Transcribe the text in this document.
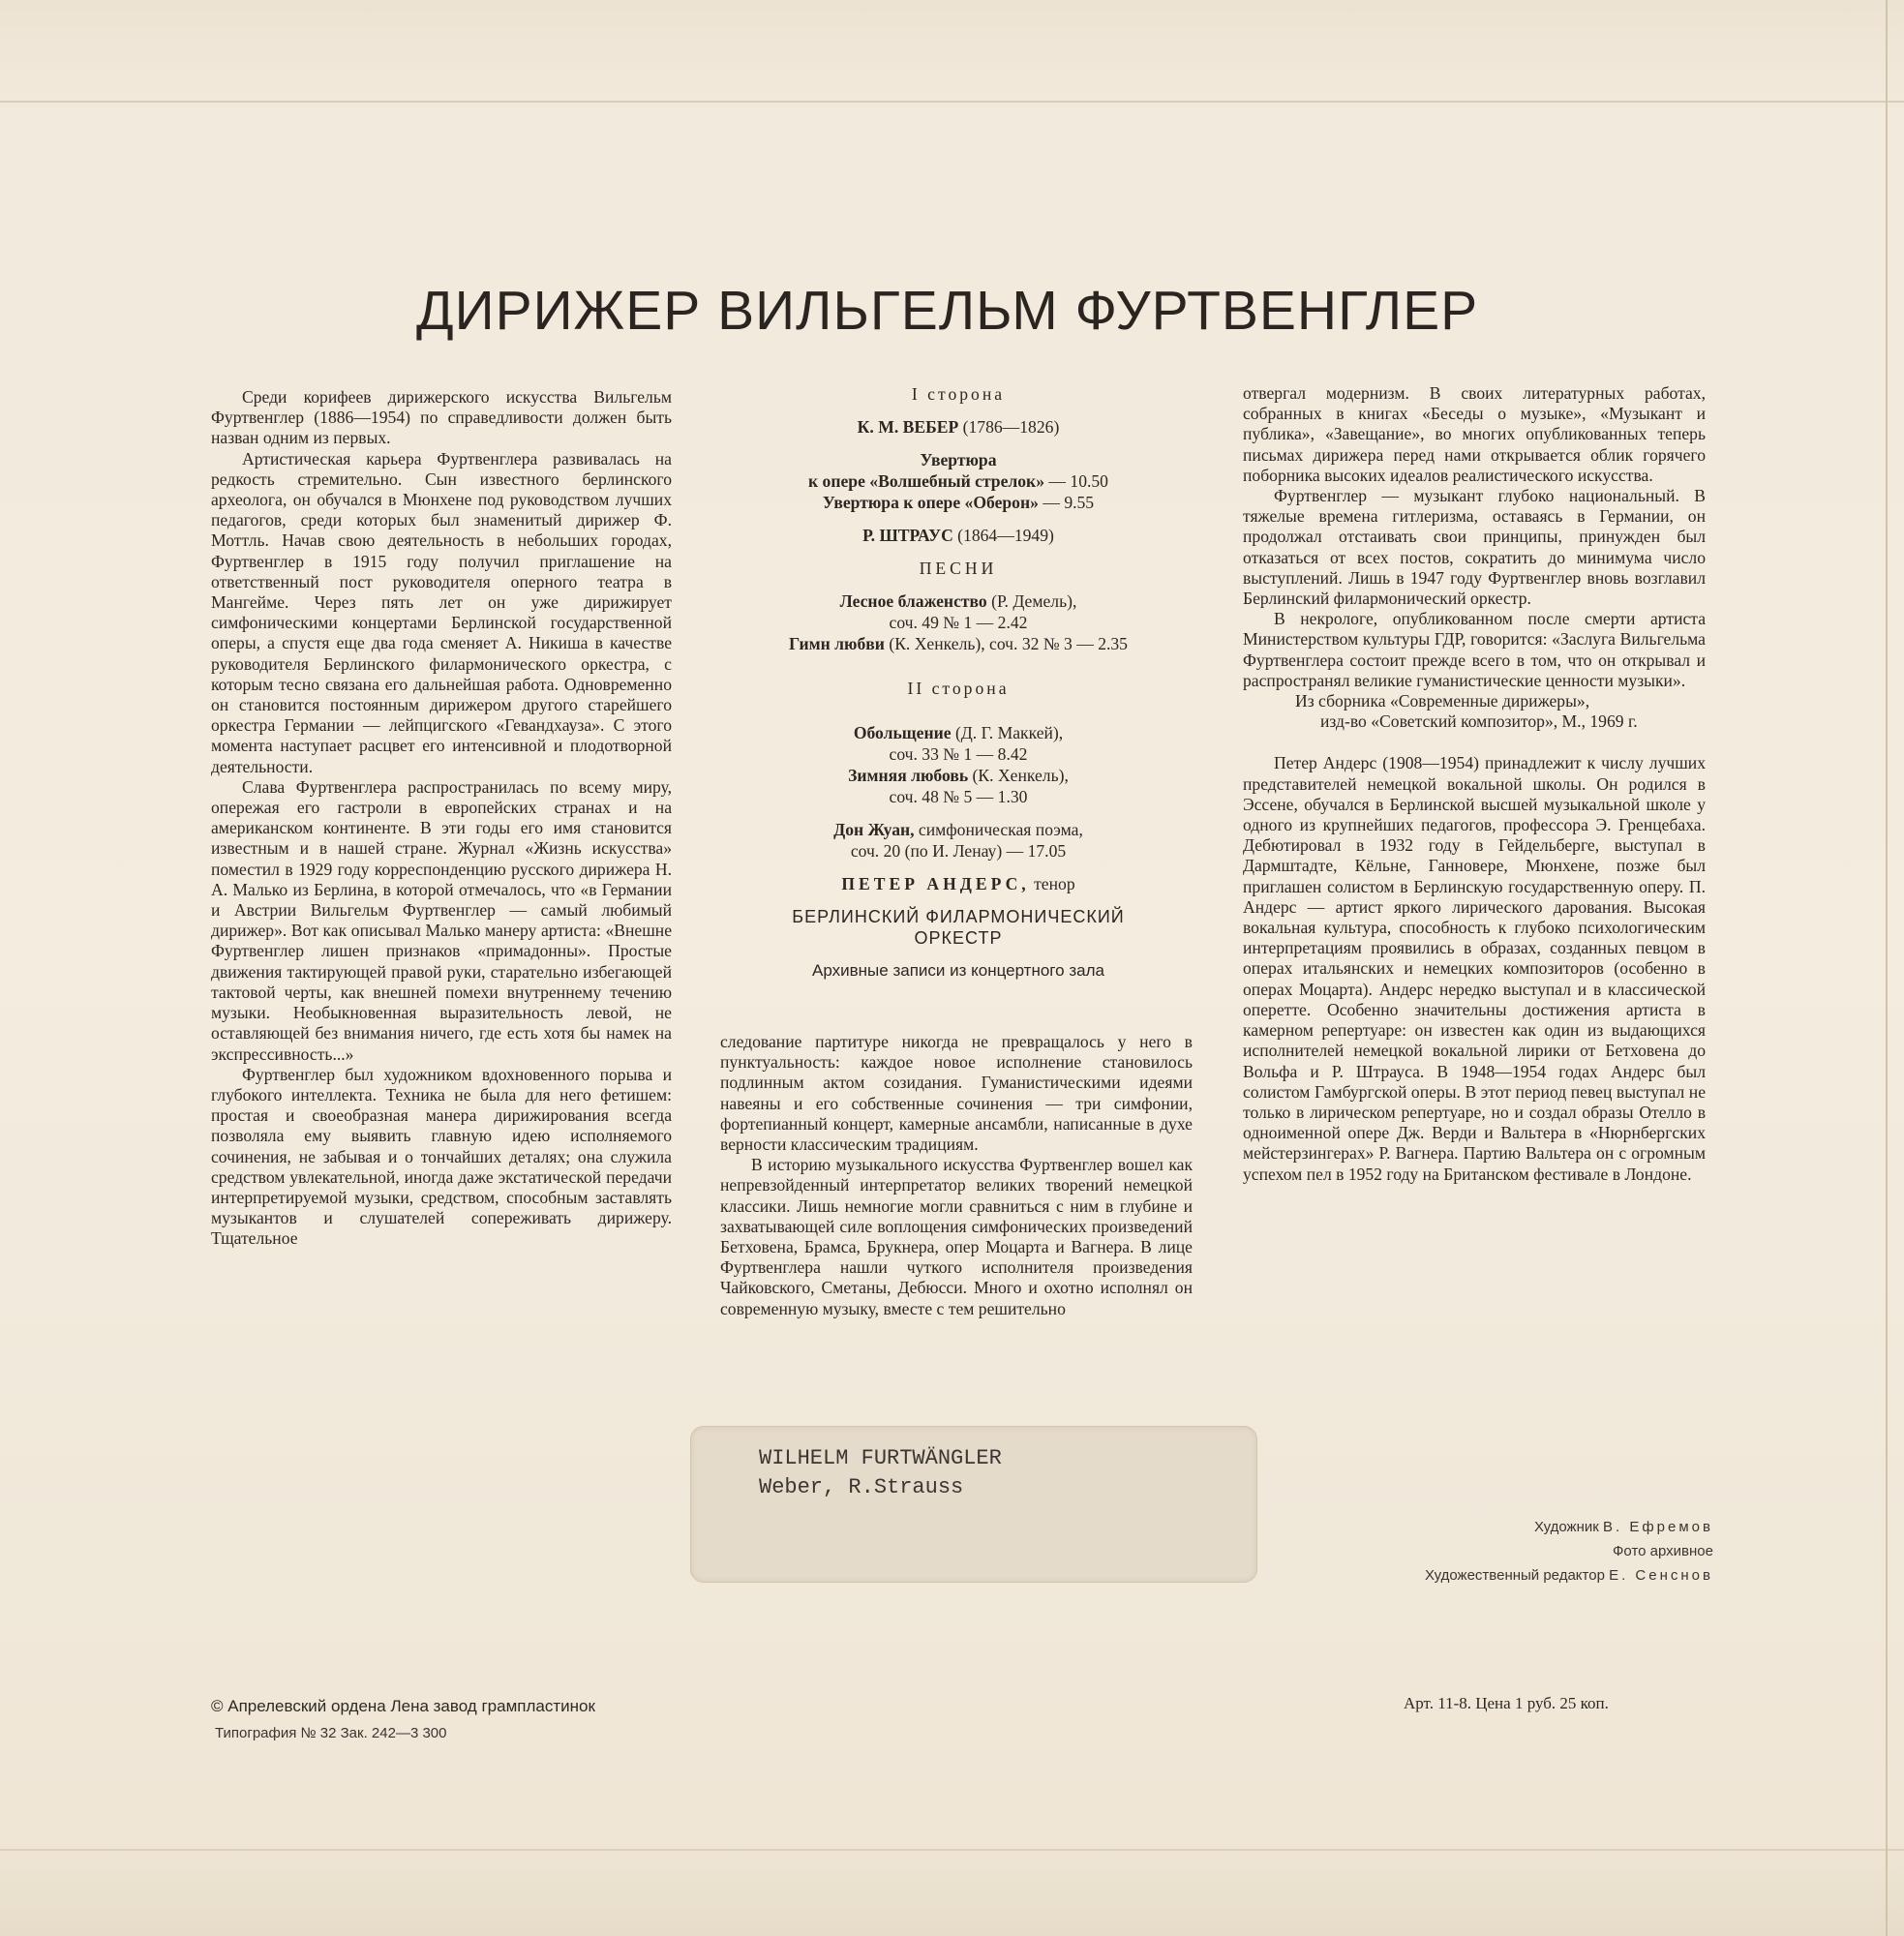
ДИРИЖЕР ВИЛЬГЕЛЬМ ФУРТВЕНГЛЕР

Среди корифеев дирижерского искусства Вильгельм Фуртвенглер (1886—1954) по справедливости должен быть назван одним из первых.

Артистическая карьера Фуртвенглера развивалась на редкость стремительно. Сын известного берлинского археолога, он обучался в Мюнхене под руководством лучших педагогов, среди которых был знаменитый дирижер Ф. Моттль. Начав свою деятельность в небольших городах, Фуртвенглер в 1915 году получил приглашение на ответственный пост руководителя оперного театра в Мангейме. Через пять лет он уже дирижирует симфоническими концертами Берлинской государственной оперы, а спустя еще два года сменяет А. Никиша в качестве руководителя Берлинского филармонического оркестра, с которым тесно связана его дальнейшая работа. Одновременно он становится постоянным дирижером другого старейшего оркестра Германии — лейпцигского «Гевандхауза». С этого момента наступает расцвет его интенсивной и плодотворной деятельности.

Слава Фуртвенглера распространилась по всему миру, опережая его гастроли в европейских странах и на американском континенте. В эти годы его имя становится известным и в нашей стране. Журнал «Жизнь искусства» поместил в 1929 году корреспонденцию русского дирижера Н. А. Малько из Берлина, в которой отмечалось, что «в Германии и Австрии Вильгельм Фуртвенглер — самый любимый дирижер». Вот как описывал Малько манеру артиста: «Внешне Фуртвенглер лишен признаков «примадонны». Простые движения тактирующей правой руки, старательно избегающей тактовой черты, как внешней помехи внутреннему течению музыки. Необыкновенная выразительность левой, не оставляющей без внимания ничего, где есть хотя бы намек на экспрессивность...»

Фуртвенглер был художником вдохновенного порыва и глубокого интеллекта. Техника не была для него фетишем: простая и своеобразная манера дирижирования всегда позволяла ему выявить главную идею исполняемого сочинения, не забывая и о тончайших деталях; она служила средством увлекательной, иногда даже экстатической передачи интерпретируемой музыки, средством, способным заставлять музыкантов и слушателей сопереживать дирижеру. Тщательное

I сторона
К. М. ВЕБЕР (1786—1826)
Увертюра
к опере «Волшебный стрелок» — 10.50
Увертюра к опере «Оберон» — 9.55
Р. ШТРАУС (1864—1949)
ПЕСНИ
Лесное блаженство (Р. Демель),
соч. 49 № 1 — 2.42
Гимн любви (К. Хенкель), соч. 32 № 3 — 2.35
II сторона
Обольщение (Д. Г. Маккей),
соч. 33 № 1 — 8.42
Зимняя любовь (К. Хенкель),
соч. 48 № 5 — 1.30
Дон Жуан, симфоническая поэма,
соч. 20 (по И. Ленау) — 17.05
ПЕТЕР АНДЕРС, тенор
БЕРЛИНСКИЙ ФИЛАРМОНИЧЕСКИЙ
ОРКЕСТР
Архивные записи из концертного зала

следование партитуре никогда не превращалось у него в пунктуальность: каждое новое исполнение становилось подлинным актом созидания. Гуманистическими идеями навеяны и его собственные сочинения — три симфонии, фортепианный концерт, камерные ансамбли, написанные в духе верности классическим традициям.

В историю музыкального искусства Фуртвенглер вошел как непревзойденный интерпретатор великих творений немецкой классики. Лишь немногие могли сравниться с ним в глубине и захватывающей силе воплощения симфонических произведений Бетховена, Брамса, Брукнера, опер Моцарта и Вагнера. В лице Фуртвенглера нашли чуткого исполнителя произведения Чайковского, Сметаны, Дебюсси. Много и охотно исполнял он современную музыку, вместе с тем решительно

отвергал модернизм. В своих литературных работах, собранных в книгах «Беседы о музыке», «Музыкант и публика», «Завещание», во многих опубликованных теперь письмах дирижера перед нами открывается облик горячего поборника высоких идеалов реалистического искусства.

Фуртвенглер — музыкант глубоко национальный. В тяжелые времена гитлеризма, оставаясь в Германии, он продолжал отстаивать свои принципы, принужден был отказаться от всех постов, сократить до минимума число выступлений. Лишь в 1947 году Фуртвенглер вновь возглавил Берлинский филармонический оркестр.

В некрологе, опубликованном после смерти артиста Министерством культуры ГДР, говорится: «Заслуга Вильгельма Фуртвенглера состоит прежде всего в том, что он открывал и распространял великие гуманистические ценности музыки».

Из сборника «Современные дирижеры»,

изд-во «Советский композитор», М., 1969 г.

Петер Андерс (1908—1954) принадлежит к числу лучших представителей немецкой вокальной школы. Он родился в Эссене, обучался в Берлинской высшей музыкальной школе у одного из крупнейших педагогов, профессора Э. Гренцебаха. Дебютировал в 1932 году в Гейдельберге, выступал в Дармштадте, Кёльне, Ганновере, Мюнхене, позже был приглашен солистом в Берлинскую государственную оперу. П. Андерс — артист яркого лирического дарования. Высокая вокальная культура, способность к глубоко психологическим интерпретациям проявились в образах, созданных певцом в операх итальянских и немецких композиторов (особенно в операх Моцарта). Андерс нередко выступал и в классической оперетте. Особенно значительны достижения артиста в камерном репертуаре: он известен как один из выдающихся исполнителей немецкой вокальной лирики от Бетховена до Вольфа и Р. Штрауса. В 1948—1954 годах Андерс был солистом Гамбургской оперы. В этот период певец выступал не только в лирическом репертуаре, но и создал образы Отелло в одноименной опере Дж. Верди и Вальтера в «Нюрнбергских мейстерзингерах» Р. Вагнера. Партию Вальтера он с огромным успехом пел в 1952 году на Британском фестивале в Лондоне.

WILHELM FURTWÄNGLER
Weber, R.Strauss
Художник В. Ефремов
Фото архивное
Художественный редактор Е. Сенснов
© Апрелевский ордена Лена завод грампластинок
Типография № 32 Зак. 242—3 300
Арт. 11-8. Цена 1 руб. 25 коп.
